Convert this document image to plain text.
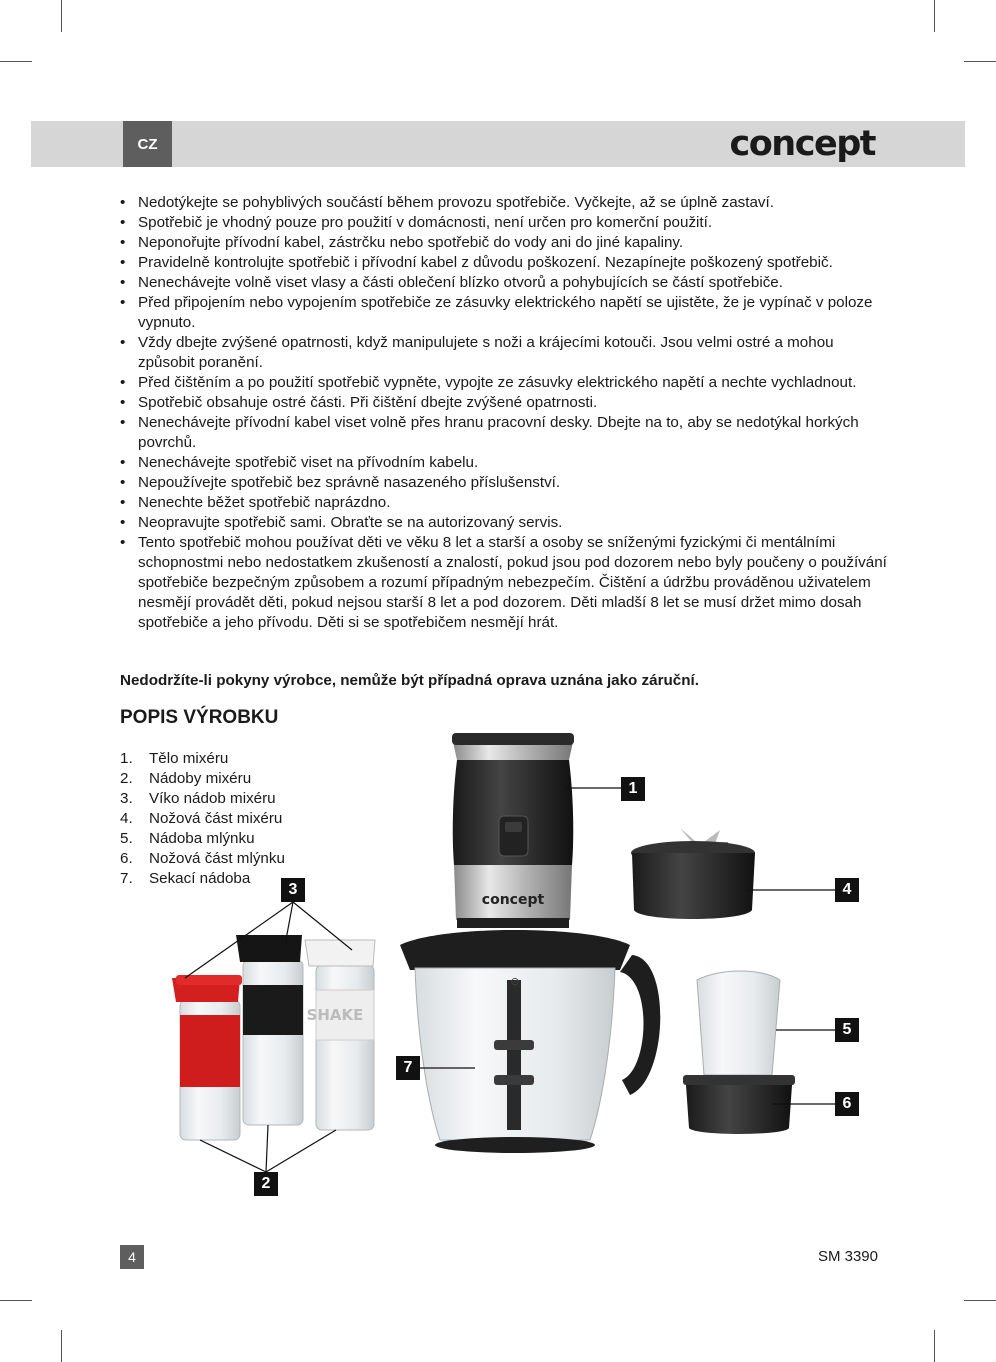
CZ	concept
• Nedotýkejte se pohyblivých součástí během provozu spotřebiče. Vyčkejte, až se úplně zastaví.
• Spotřebič je vhodný pouze pro použití v domácnosti, není určen pro komerční použití.
• Neponořujte přívodní kabel, zástrčku nebo spotřebič do vody ani do jiné kapaliny.
• Pravidelně kontrolujte spotřebič i přívodní kabel z důvodu poškození. Nezapínejte poškozený spotřebič.
• Nenechávejte volně viset vlasy a části oblečení blízko otvorů a pohybujících se částí spotřebiče.
• Před připojením nebo vypojením spotřebiče ze zásuvky elektrického napětí se ujistěte, že je vypínač v poloze vypnuto.
• Vždy dbejte zvýšené opatrnosti, když manipulujete s noži a krájecími kotouči. Jsou velmi ostré a mohou způsobit poranění.
• Před čištěním a po použití spotřebič vypněte, vypojte ze zásuvky elektrického napětí a nechte vychladnout.
• Spotřebič obsahuje ostré části. Při čištění dbejte zvýšené opatrnosti.
• Nenechávejte přívodní kabel viset volně přes hranu pracovní desky. Dbejte na to, aby se nedotýkal horkých povrchů.
• Nenechávejte spotřebič viset na přívodním kabelu.
• Nepoužívejte spotřebič bez správně nasazeného příslušenství.
• Nenechte běžet spotřebič naprázdno.
• Neopravujte spotřebič sami. Obraťte se na autorizovaný servis.
• Tento spotřebič mohou používat děti ve věku 8 let a starší a osoby se sníženými fyzickými či mentálními schopnostmi nebo nedostatkem zkušeností a znalostí, pokud jsou pod dozorem nebo byly poučeny o používání spotřebiče bezpečným způsobem a rozumí případným nebezpečím. Čištění a údržbu prováděnou uživatelem nesmějí provádět děti, pokud nejsou starší 8 let a pod dozorem. Děti mladší 8 let se musí držet mimo dosah spotřebiče a jeho přívodu. Děti si se spotřebičem nesmějí hrát.
Nedodržíte-li pokyny výrobce, nemůže být případná oprava uznána jako záruční.
POPIS VÝROBKU
1. Tělo mixéru
2. Nádoby mixéru
3. Víko nádob mixéru
4. Nožová část mixéru
5. Nádoba mlýnku
6. Nožová část mlýnku
7. Sekací nádoba
concept
⊙
SHAKE
1
2
3	4
5
6
7
4	SM 3390
